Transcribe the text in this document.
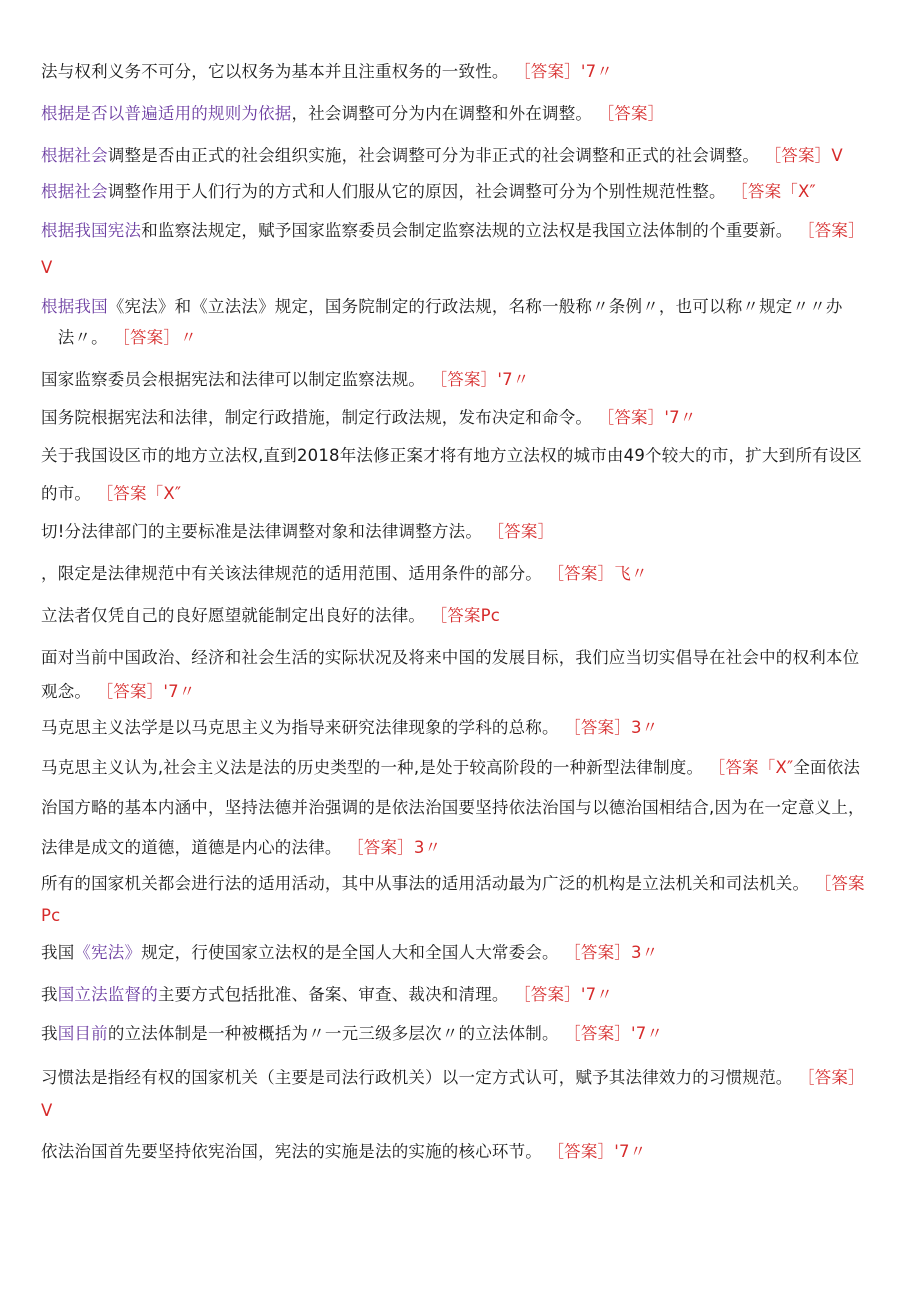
法与权利义务不可分，它以权务为基本并且注重权务的一致性。 ［答案］'7〃
根据是否以普遍适用的规则为依据，社会调整可分为内在调整和外在调整。 ［答案］
根据社会调整是否由正式的社会组织实施，社会调整可分为非正式的社会调整和正式的社会调整。 ［答案］V
根据社会调整作用于人们行为的方式和人们服从它的原因，社会调整可分为个别性规范性整。 ［答案「X″
根据我国宪法和监察法规定，赋予国家监察委员会制定监察法规的立法权是我国立法体制的个重要新。 ［答案］
V
根据我国《宪法》和《立法法》规定，国务院制定的行政法规，名称一般称〃条例〃，也可以称〃规定〃〃办
　法〃。 ［答案］〃
国家监察委员会根据宪法和法律可以制定监察法规。 ［答案］'7〃
国务院根据宪法和法律，制定行政措施，制定行政法规，发布决定和命令。 ［答案］'7〃
关于我国设区市的地方立法权,直到2018年法修正案才将有地方立法权的城市由49个较大的市，扩大到所有设区
的市。 ［答案「X″
切!分法律部门的主要标准是法律调整对象和法律调整方法。 ［答案］
，限定是法律规范中有关该法律规范的适用范围、适用条件的部分。 ［答案］飞〃
立法者仅凭自己的良好愿望就能制定出良好的法律。 ［答案Pc
面对当前中国政治、经济和社会生活的实际状况及将来中国的发展目标，我们应当切实倡导在社会中的权利本位
观念。 ［答案］'7〃
马克思主义法学是以马克思主义为指导来研究法律现象的学科的总称。 ［答案］3〃
马克思主义认为,社会主义法是法的历史类型的一种,是处于较高阶段的一种新型法律制度。 ［答案「X″全面依法
治国方略的基本内涵中，坚持法德并治强调的是依法治国要坚持依法治国与以德治国相结合,因为在一定意义上，
法律是成文的道德，道德是内心的法律。 ［答案］3〃
所有的国家机关都会进行法的适用活动，其中从事法的适用活动最为广泛的机构是立法机关和司法机关。 ［答案
Pc
我国《宪法》规定，行使国家立法权的是全国人大和全国人大常委会。 ［答案］3〃
我国立法监督的主要方式包括批准、备案、审查、裁决和清理。 ［答案］'7〃
我国目前的立法体制是一种被概括为〃一元三级多层次〃的立法体制。 ［答案］'7〃
习惯法是指经有权的国家机关（主要是司法行政机关）以一定方式认可，赋予其法律效力的习惯规范。 ［答案］
V
依法治国首先要坚持依宪治国，宪法的实施是法的实施的核心环节。 ［答案］'7〃
